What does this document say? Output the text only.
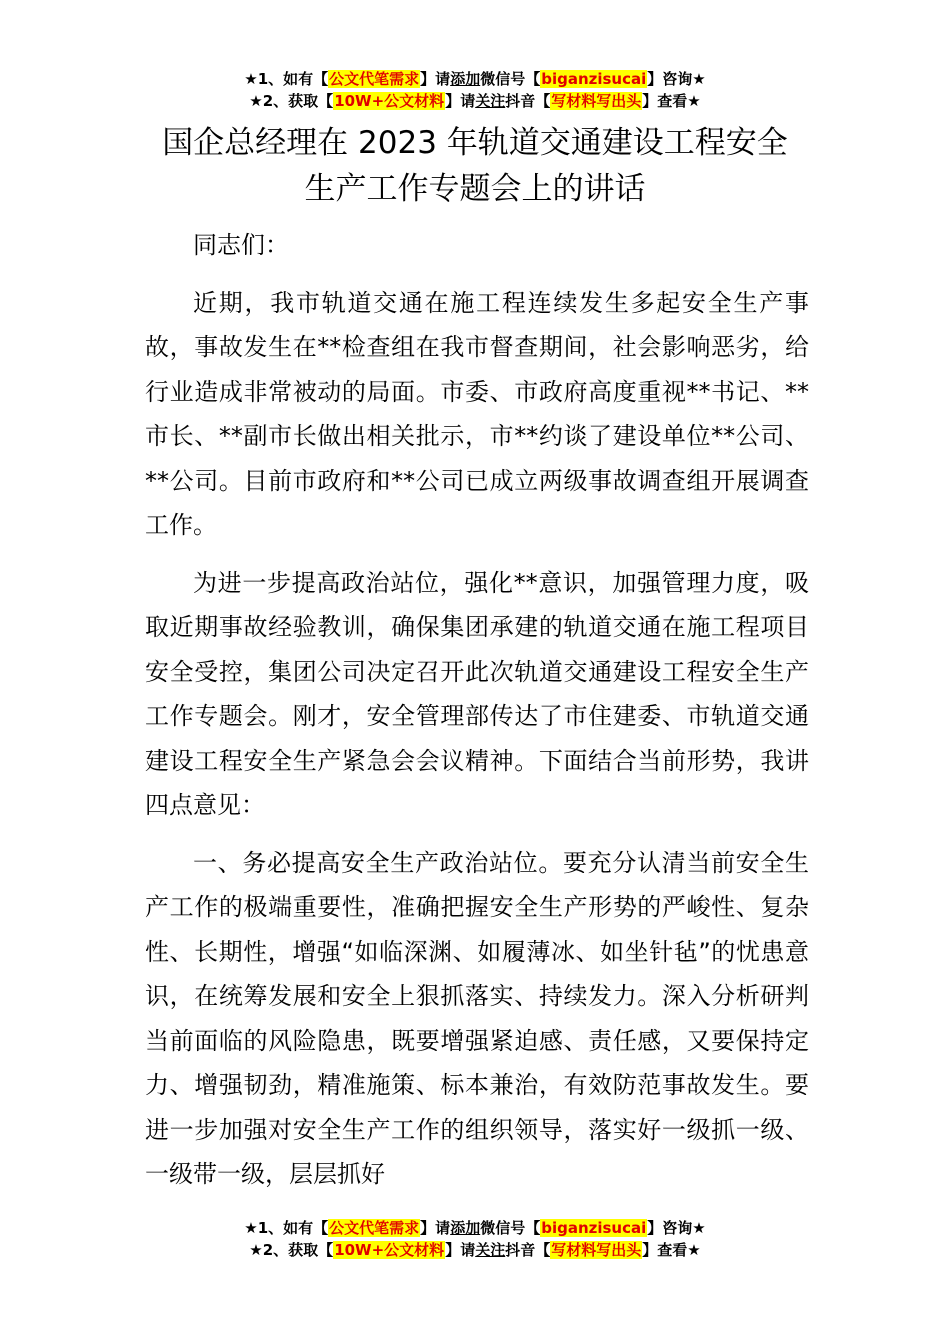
★1、如有【公文代笔需求】请添加微信号【biganzisucai】咨询★
★2、获取【10W+公文材料】请关注抖音【写材料写出头】查看★
国企总经理在 2023 年轨道交通建设工程安全
生产工作专题会上的讲话

同志们：

近期，我市轨道交通在施工程连续发生多起安全生产事故，事故发生在**检查组在我市督查期间，社会影响恶劣，给行业造成非常被动的局面。市委、市政府高度重视**书记、**市长、**副市长做出相关批示，市**约谈了建设单位**公司、**公司。目前市政府和**公司已成立两级事故调查组开展调查工作。

为进一步提高政治站位，强化**意识，加强管理力度，吸取近期事故经验教训，确保集团承建的轨道交通在施工程项目安全受控，集团公司决定召开此次轨道交通建设工程安全生产工作专题会。刚才，安全管理部传达了市住建委、市轨道交通建设工程安全生产紧急会会议精神。下面结合当前形势，我讲四点意见：

一、务必提高安全生产政治站位。要充分认清当前安全生产工作的极端重要性，准确把握安全生产形势的严峻性、复杂性、长期性，增强“如临深渊、如履薄冰、如坐针毡”的忧患意识，在统筹发展和安全上狠抓落实、持续发力。深入分析研判当前面临的风险隐患，既要增强紧迫感、责任感，又要保持定力、增强韧劲，精准施策、标本兼治，有效防范事故发生。要进一步加强对安全生产工作的组织领导，落实好一级抓一级、一级带一级，层层抓好

★1、如有【公文代笔需求】请添加微信号【biganzisucai】咨询★
★2、获取【10W+公文材料】请关注抖音【写材料写出头】查看★
